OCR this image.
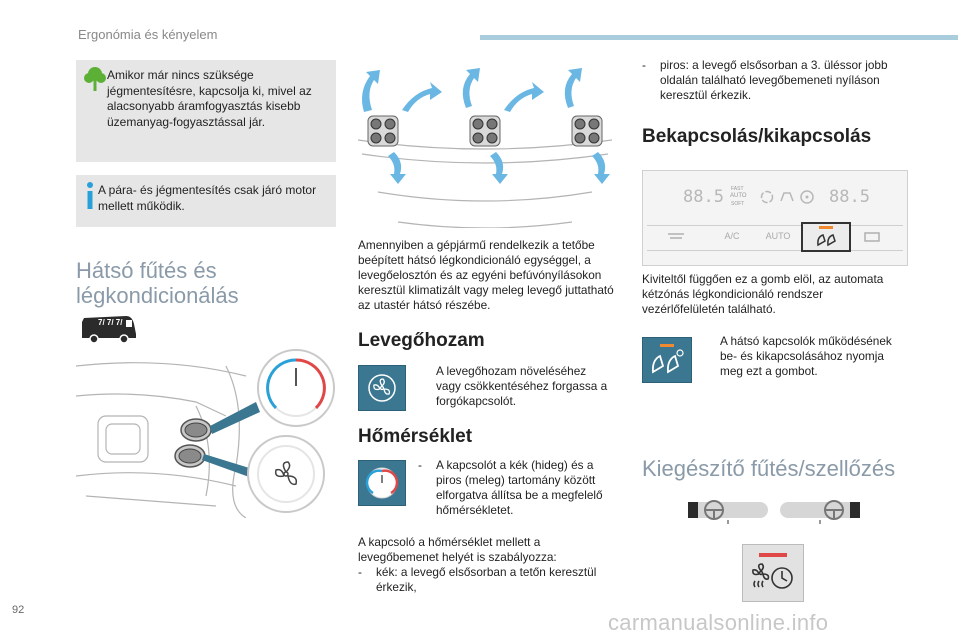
Ergonómia és kényelem
Amikor már nincs szüksége jégmentesítésre, kapcsolja ki, mivel az alacsonyabb áramfogyasztás kisebb üzemanyag-fogyasztással jár.
A pára- és jégmentesítés csak járó motor mellett működik.
Hátsó fűtés és
légkondicionálás
7/ 7/ 7/
Amennyiben a gépjármű rendelkezik a tetőbe beépített hátsó légkondicionáló egységgel, a levegőelosztón és az egyéni befúvónyílásokon keresztül klimatizált vagy meleg levegő juttatható az utastér hátsó részébe.
Levegőhozam
A levegőhozam növeléséhez vagy csökkentéséhez forgassa a forgókapcsolót.
Hőmérséklet
- A kapcsolót a kék (hideg) és a piros (meleg) tartomány között elforgatva állítsa be a megfelelő hőmérsékletet.
A kapcsoló a hőmérséklet mellett a levegőbemenet helyét is szabályozza:
- kék: a levegő elsősorban a tetőn keresztül érkezik,
- piros: a levegő elsősorban a 3. üléssor jobb oldalán található levegőbemeneti nyíláson keresztül érkezik.
Bekapcsolás/kikapcsolás
88.5 FAST
AUTO
SOFT	88.5
A/C	AUTO
Kiviteltől függően ez a gomb elöl, az automata kétzónás légkondicionáló rendszer vezérlőfelületén található.
A hátsó kapcsolók működésének be- és kikapcsolásához nyomja meg ezt a gombot.
Kiegészítő fűtés/szellőzés
92	carmanualsonline.info
